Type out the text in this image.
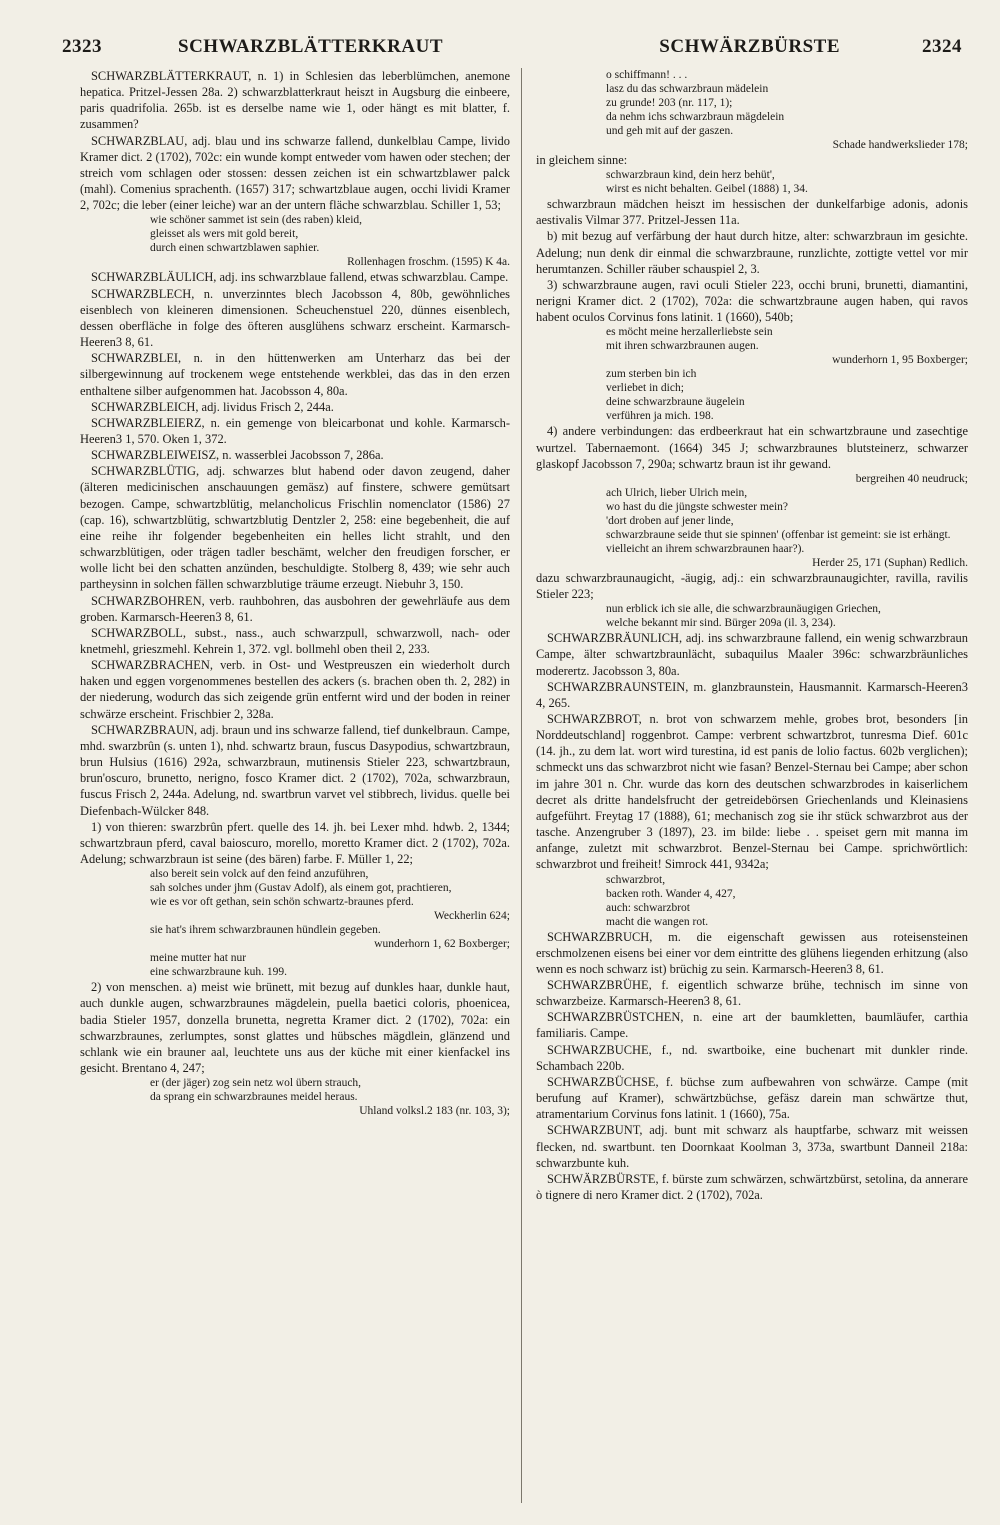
2323	SCHWARZBLÄTTERKRAUT	SCHWÄRZBÜRSTE	2324

SCHWARZBLÄTTERKRAUT, n. 1) in Schlesien das leberblümchen, anemone hepatica. Pritzel-Jessen 28a. 2) schwarzblatterkraut heiszt in Augsburg die einbeere, paris quadrifolia. 265b. ist es derselbe name wie 1, oder hängt es mit blatter, f. zusammen?

SCHWARZBLAU, adj. blau und ins schwarze fallend, dunkelblau Campe, livido Kramer dict. 2 (1702), 702c: ein wunde kompt entweder vom hawen oder stechen; der streich vom schlagen oder stossen: dessen zeichen ist ein schwartzblawer palck (mahl). Comenius sprachenth. (1657) 317; schwartzblaue augen, occhi lividi Kramer 2, 702c; die leber (einer leiche) war an der untern fläche schwarzblau. Schiller 1, 53;

wie schöner sammet ist sein (des raben) kleid,
gleisset als wers mit gold bereit,
durch einen schwartzblawen saphier.

Rollenhagen froschm. (1595) K 4a.

SCHWARZBLÄULICH, adj. ins schwarzblaue fallend, etwas schwarzblau. Campe.

SCHWARZBLECH, n. unverzinntes blech Jacobsson 4, 80b, gewöhnliches eisenblech von kleineren dimensionen. Scheuchenstuel 220, dünnes eisenblech, dessen oberfläche in folge des öfteren ausglühens schwarz erscheint. Karmarsch-Heeren3 8, 61.

SCHWARZBLEI, n. in den hüttenwerken am Unterharz das bei der silbergewinnung auf trockenem wege entstehende werkblei, das das in den erzen enthaltene silber aufgenommen hat. Jacobsson 4, 80a.

SCHWARZBLEICH, adj. lividus Frisch 2, 244a.

SCHWARZBLEIERZ, n. ein gemenge von bleicarbonat und kohle. Karmarsch-Heeren3 1, 570. Oken 1, 372.

SCHWARZBLEIWEISZ, n. wasserblei Jacobsson 7, 286a.

SCHWARZBLÜTIG, adj. schwarzes blut habend oder davon zeugend, daher (älteren medicinischen anschauungen gemäsz) auf finstere, schwere gemütsart bezogen. Campe, schwartzblütig, melancholicus Frischlin nomenclator (1586) 27 (cap. 16), schwartzblütig, schwartzblutig Dentzler 2, 258: eine begebenheit, die auf eine reihe ihr folgender begebenheiten ein helles licht strahlt, und den schwarzblütigen, oder trägen tadler beschämt, welcher den freudigen forscher, er wolle licht bei den schatten anzünden, beschuldigte. Stolberg 8, 439; wie sehr auch partheysinn in solchen fällen schwarzblutige träume erzeugt. Niebuhr 3, 150.

SCHWARZBOHREN, verb. rauhbohren, das ausbohren der gewehrläufe aus dem groben. Karmarsch-Heeren3 8, 61.

SCHWARZBOLL, subst., nass., auch schwarzpull, schwarzwoll, nach- oder knetmehl, grieszmehl. Kehrein 1, 372. vgl. bollmehl oben theil 2, 233.

SCHWARZBRACHEN, verb. in Ost- und Westpreuszen ein wiederholt durch haken und eggen vorgenommenes bestellen des ackers (s. brachen oben th. 2, 282) in der niederung, wodurch das sich zeigende grün entfernt wird und der boden in reiner schwärze erscheint. Frischbier 2, 328a.

SCHWARZBRAUN, adj. braun und ins schwarze fallend, tief dunkelbraun. Campe, mhd. swarzbrûn (s. unten 1), nhd. schwartz braun, fuscus Dasypodius, schwartzbraun, brun Hulsius (1616) 292a, schwarzbraun, mutinensis Stieler 223, schwartzbraun, brun'oscuro, brunetto, nerigno, fosco Kramer dict. 2 (1702), 702a, schwarzbraun, fuscus Frisch 2, 244a. Adelung, nd. swartbrun varvet vel stibbrech, lividus. quelle bei Diefenbach-Wülcker 848.

1) von thieren: swarzbrûn pfert. quelle des 14. jh. bei Lexer mhd. hdwb. 2, 1344; schwartzbraun pferd, caval baioscuro, morello, moretto Kramer dict. 2 (1702), 702a. Adelung; schwarzbraun ist seine (des bären) farbe. F. Müller 1, 22;

also bereit sein volck auf den feind anzuführen,
sah solches under jhm (Gustav Adolf), als einem got, prachtieren,
wie es vor oft gethan, sein schön schwartz-braunes pferd.

Weckherlin 624;

sie hat's ihrem schwarzbraunen hündlein gegeben.

wunderhorn 1, 62 Boxberger;

meine mutter hat nur
eine schwarzbraune kuh. 199.

2) von menschen. a) meist wie brünett, mit bezug auf dunkles haar, dunkle haut, auch dunkle augen, schwarzbraunes mägdelein, puella baetici coloris, phoenicea, badia Stieler 1957, donzella brunetta, negretta Kramer dict. 2 (1702), 702a: ein schwarzbraunes, zerlumptes, sonst glattes und hübsches mägdlein, glänzend und schlank wie ein brauner aal, leuchtete uns aus der küche mit einer kienfackel ins gesicht. Brentano 4, 247;

er (der jäger) zog sein netz wol übern strauch,
da sprang ein schwarzbraunes meidel heraus.

Uhland volksl.2 183 (nr. 103, 3);

o schiffmann! . . .
lasz du das schwarzbraun mädelein
zu grunde! 203 (nr. 117, 1);
da nehm ichs schwarzbraun mägdelein
und geh mit auf der gaszen.

Schade handwerkslieder 178;

in gleichem sinne:

schwarzbraun kind, dein herz behüt',
wirst es nicht behalten. Geibel (1888) 1, 34.

schwarzbraun mädchen heiszt im hessischen der dunkelfarbige adonis, adonis aestivalis Vilmar 377. Pritzel-Jessen 11a.

b) mit bezug auf verfärbung der haut durch hitze, alter: schwarzbraun im gesichte. Adelung; nun denk dir einmal die schwarzbraune, runzlichte, zottigte vettel vor mir herumtanzen. Schiller räuber schauspiel 2, 3.

3) schwarzbraune augen, ravi oculi Stieler 223, occhi bruni, brunetti, diamantini, nerigni Kramer dict. 2 (1702), 702a: die schwartzbraune augen haben, qui ravos habent oculos Corvinus fons latinit. 1 (1660), 540b;

es möcht meine herzallerliebste sein
mit ihren schwarzbraunen augen.

wunderhorn 1, 95 Boxberger;

zum sterben bin ich
verliebet in dich;
deine schwarzbraune äugelein
verführen ja mich. 198.

4) andere verbindungen: das erdbeerkraut hat ein schwartzbraune und zasechtige wurtzel. Tabernaemont. (1664) 345 J; schwarzbraunes blutsteinerz, schwarzer glaskopf Jacobsson 7, 290a; schwartz braun ist ihr gewand.

bergreihen 40 neudruck;

ach Ulrich, lieber Ulrich mein,
wo hast du die jüngste schwester mein?
'dort droben auf jener linde,
schwarzbraune seide thut sie spinnen' (offenbar ist gemeint: sie ist erhängt. vielleicht an ihrem schwarzbraunen haar?).

Herder 25, 171 (Suphan) Redlich.

dazu schwarzbraunaugicht, -äugig, adj.: ein schwarzbraunaugichter, ravilla, ravilis Stieler 223;

nun erblick ich sie alle, die schwarzbraunäugigen Griechen,
welche bekannt mir sind. Bürger 209a (il. 3, 234).

SCHWARZBRÄUNLICH, adj. ins schwarzbraune fallend, ein wenig schwarzbraun Campe, älter schwartzbraunlächt, subaquilus Maaler 396c: schwarzbräunliches moderertz. Jacobsson 3, 80a.

SCHWARZBRAUNSTEIN, m. glanzbraunstein, Hausmannit. Karmarsch-Heeren3 4, 265.

SCHWARZBROT, n. brot von schwarzem mehle, grobes brot, besonders [in Norddeutschland] roggenbrot. Campe: verbrent schwartzbrot, tunresma Dief. 601c (14. jh., zu dem lat. wort wird turestina, id est panis de lolio factus. 602b verglichen); schmeckt uns das schwarzbrot nicht wie fasan? Benzel-Sternau bei Campe; aber schon im jahre 301 n. Chr. wurde das korn des deutschen schwarzbrodes in kaiserlichem decret als dritte handelsfrucht der getreidebörsen Griechenlands und Kleinasiens aufgeführt. Freytag 17 (1888), 61; mechanisch zog sie ihr stück schwarzbrot aus der tasche. Anzengruber 3 (1897), 23. im bilde: liebe . . speiset gern mit manna im anfange, zuletzt mit schwarzbrot. Benzel-Sternau bei Campe. sprichwörtlich: schwarzbrot und freiheit! Simrock 441, 9342a;

schwarzbrot,
backen roth. Wander 4, 427,
auch: schwarzbrot
macht die wangen rot.

SCHWARZBRUCH, m. die eigenschaft gewissen aus roteisensteinen erschmolzenen eisens bei einer vor dem eintritte des glühens liegenden erhitzung (also wenn es noch schwarz ist) brüchig zu sein. Karmarsch-Heeren3 8, 61.

SCHWARZBRÜHE, f. eigentlich schwarze brühe, technisch im sinne von schwarzbeize. Karmarsch-Heeren3 8, 61.

SCHWARZBRÜSTCHEN, n. eine art der baumkletten, baumläufer, carthia familiaris. Campe.

SCHWARZBUCHE, f., nd. swartboike, eine buchenart mit dunkler rinde. Schambach 220b.

SCHWARZBÜCHSE, f. büchse zum aufbewahren von schwärze. Campe (mit berufung auf Kramer), schwärtzbüchse, gefäsz darein man schwärtze thut, atramentarium Corvinus fons latinit. 1 (1660), 75a.

SCHWARZBUNT, adj. bunt mit schwarz als hauptfarbe, schwarz mit weissen flecken, nd. swartbunt. ten Doornkaat Koolman 3, 373a, swartbunt Danneil 218a: schwarzbunte kuh.

SCHWÄRZBÜRSTE, f. bürste zum schwärzen, schwärtzbürst, setolina, da annerare ò tignere di nero Kramer dict. 2 (1702), 702a.
